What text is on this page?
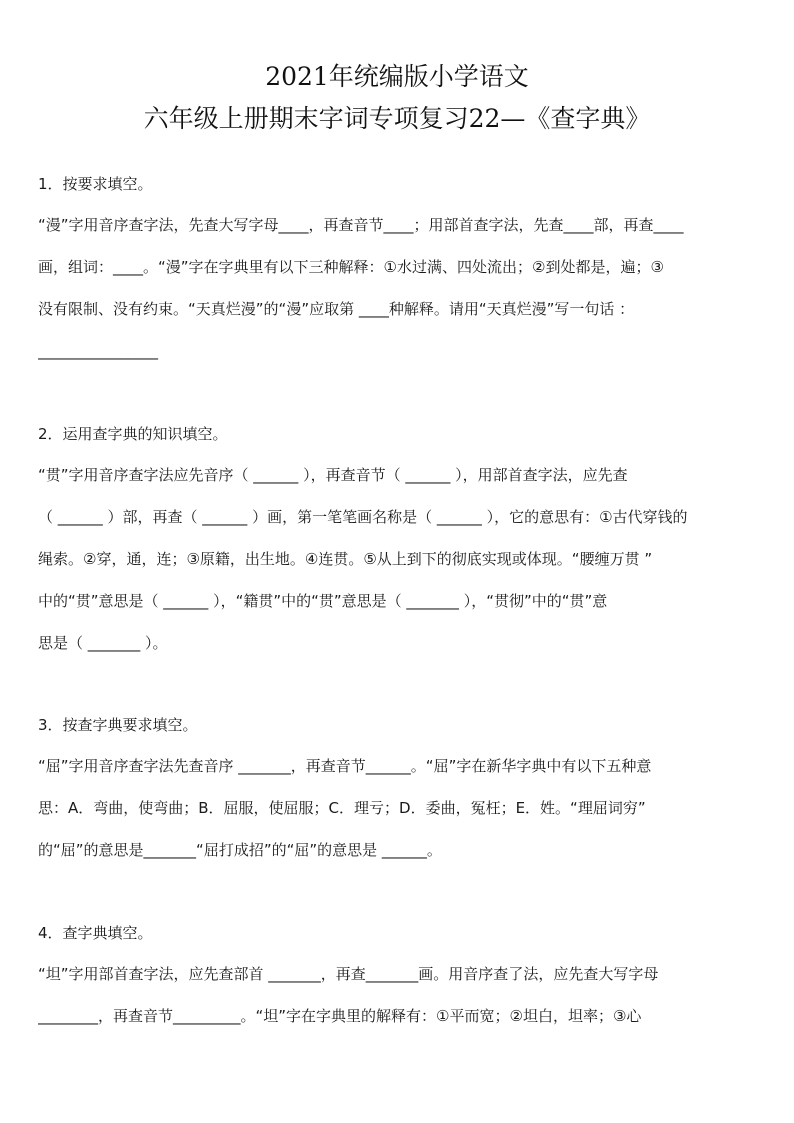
2021年统编版小学语文
六年级上册期末字词专项复习22—《查字典》
1．按要求填空。
“漫”字用音序查字法，先查大写字母____，再查音节____；用部首查字法，先查____部，再查____
画，组词：____。“漫”字在字典里有以下三种解释：①水过满、四处流出；②到处都是，遍；③
没有限制、没有约束。“天真烂漫”的“漫”应取第 ____种解释。请用“天真烂漫”写一句话 ：
________________
2．运用查字典的知识填空。
“贯”字用音序查字法应先音序（ ______ ），再查音节（ ______ ），用部首查字法，应先查
（ ______ ）部，再查（ ______ ）画，第一笔笔画名称是（ ______ ），它的意思有：①古代穿钱的
绳索。②穿，通，连；③原籍，出生地。④连贯。⑤从上到下的彻底实现或体现。“腰缠万贯 ”
中的“贯”意思是（ ______ ），“籍贯”中的“贯”意思是（ _______ ），“贯彻”中的“贯”意
思是（ _______ ）。
3．按查字典要求填空。
“屈”字用音序查字法先查音序 _______，再查音节______。“屈”字在新华字典中有以下五种意
思：A．弯曲，使弯曲；B．屈服，使屈服；C．理亏；D．委曲，冤枉；E．姓。“理屈词穷”
的“屈”的意思是_______“屈打成招”的“屈”的意思是 ______。
4．查字典填空。
“坦”字用部首查字法，应先查部首 _______，再查_______画。用音序查了法，应先查大写字母
________，再查音节_________。“坦”字在字典里的解释有：①平而宽；②坦白，坦率；③心
